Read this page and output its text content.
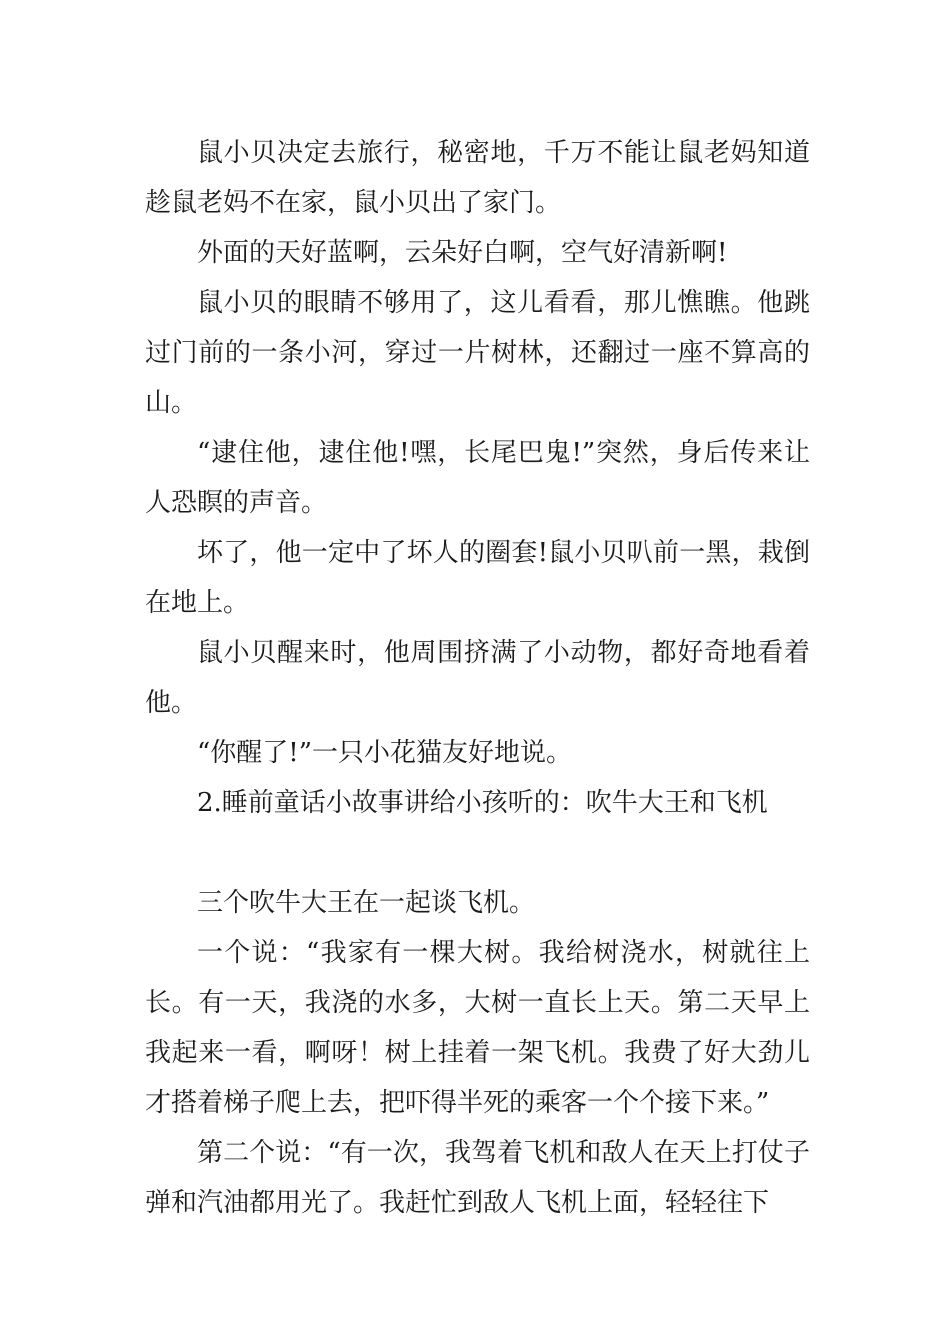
鼠小贝决定去旅行，秘密地，千万不能让鼠老妈知道趁鼠老妈不在家，鼠小贝出了家门。

外面的天好蓝啊，云朵好白啊，空气好清新啊!

鼠小贝的眼睛不够用了，这儿看看，那儿憔瞧。他跳过门前的一条小河，穿过一片树林，还翻过一座不算高的山。

“逮住他，逮住他!嘿，长尾巴鬼!”突然，身后传来让人恐瞑的声音。

坏了，他一定中了坏人的圈套!鼠小贝叭前一黑，栽倒在地上。

鼠小贝醒来时，他周围挤满了小动物，都好奇地看着他。

“你醒了!”一只小花猫友好地说。

2.睡前童话小故事讲给小孩听的：吹牛大王和飞机

三个吹牛大王在一起谈飞机。

一个说：“我家有一棵大树。我给树浇水，树就往上长。有一天，我浇的水多，大树一直长上天。第二天早上我起来一看，啊呀！树上挂着一架飞机。我费了好大劲儿才搭着梯子爬上去，把吓得半死的乘客一个个接下来。”

第二个说：“有一次，我驾着飞机和敌人在天上打仗子弹和汽油都用光了。我赶忙到敌人飞机上面，轻轻往下
